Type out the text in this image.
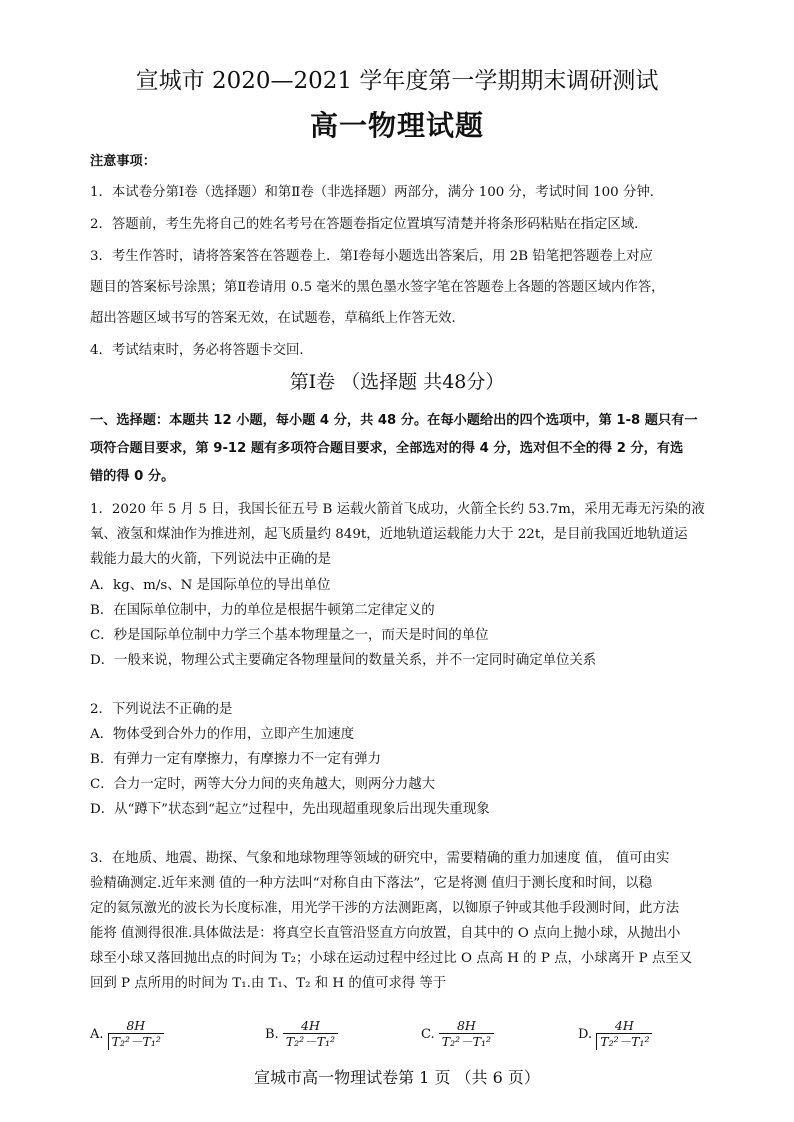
宣城市 2020—2021 学年度第一学期期末调研测试
高一物理试题
注意事项：
1．本试卷分第Ⅰ卷（选择题）和第Ⅱ卷（非选择题）两部分，满分 100 分，考试时间 100 分钟．
2．答题前，考生先将自己的姓名考号在答题卷指定位置填写清楚并将条形码粘贴在指定区域．
3．考生作答时，请将答案答在答题卷上．第Ⅰ卷每小题选出答案后，用 2B 铅笔把答题卷上对应
题目的答案标号涂黑；第Ⅱ卷请用 0.5 毫米的黑色墨水签字笔在答题卷上各题的答题区域内作答，
超出答题区域书写的答案无效，在试题卷，草稿纸上作答无效．
4．考试结束时，务必将答题卡交回．
第Ⅰ卷 （选择题 共48分）
一、选择题：本题共 12 小题，每小题 4 分，共 48 分。在每小题给出的四个选项中，第 1-8 题只有一
项符合题目要求，第 9-12 题有多项符合题目要求，全部选对的得 4 分，选对但不全的得 2 分，有选
错的得 0 分。
1．2020 年 5 月 5 日，我国长征五号 B 运载火箭首飞成功，火箭全长约 53.7m，采用无毒无污染的液
氧、液氢和煤油作为推进剂，起飞质量约 849t，近地轨道运载能力大于 22t，是目前我国近地轨道运
载能力最大的火箭，下列说法中正确的是
A．kg、m/s、N 是国际单位的导出单位
B．在国际单位制中，力的单位是根据牛顿第二定律定义的
C．秒是国际单位制中力学三个基本物理量之一，而天是时间的单位
D．一般来说，物理公式主要确定各物理量间的数量关系，并不一定同时确定单位关系
2．下列说法不正确的是
A．物体受到合外力的作用，立即产生加速度
B．有弹力一定有摩擦力，有摩擦力不一定有弹力
C．合力一定时，两等大分力间的夹角越大，则两分力越大
D．从“蹲下”状态到“起立”过程中，先出现超重现象后出现失重现象
3．在地质、地震、勘探、气象和地球物理等领域的研究中，需要精确的重力加速度 值， 值可由实
验精确测定.近年来测 值的一种方法叫“对称自由下落法”，它是将测 值归于测长度和时间，以稳
定的氦氖激光的波长为长度标准，用光学干涉的方法测距离，以铷原子钟或其他手段测时间，此方法
能将 值测得很准.具体做法是：将真空长直管沿竖直方向放置，自其中的 O 点向上抛小球，从抛出小
球至小球又落回抛出点的时间为 T₂；小球在运动过程中经过比 O 点高 H 的 P 点，小球离开 P 点至又
回到 P 点所用的时间为 T₁.由 T₁、T₂ 和 H 的值可求得 等于
A. $\frac{8H}{\text{T₂²－T₁²}}$	B. $\frac{4H}{\text{T₂²－T₁²}}$	C. $\frac{8H}{\text{T₂²－T₁²}}$	D. $\frac{4H}{\text{T₂²－T₁²}}$
宣城市高一物理试卷第 1 页 （共 6 页）
